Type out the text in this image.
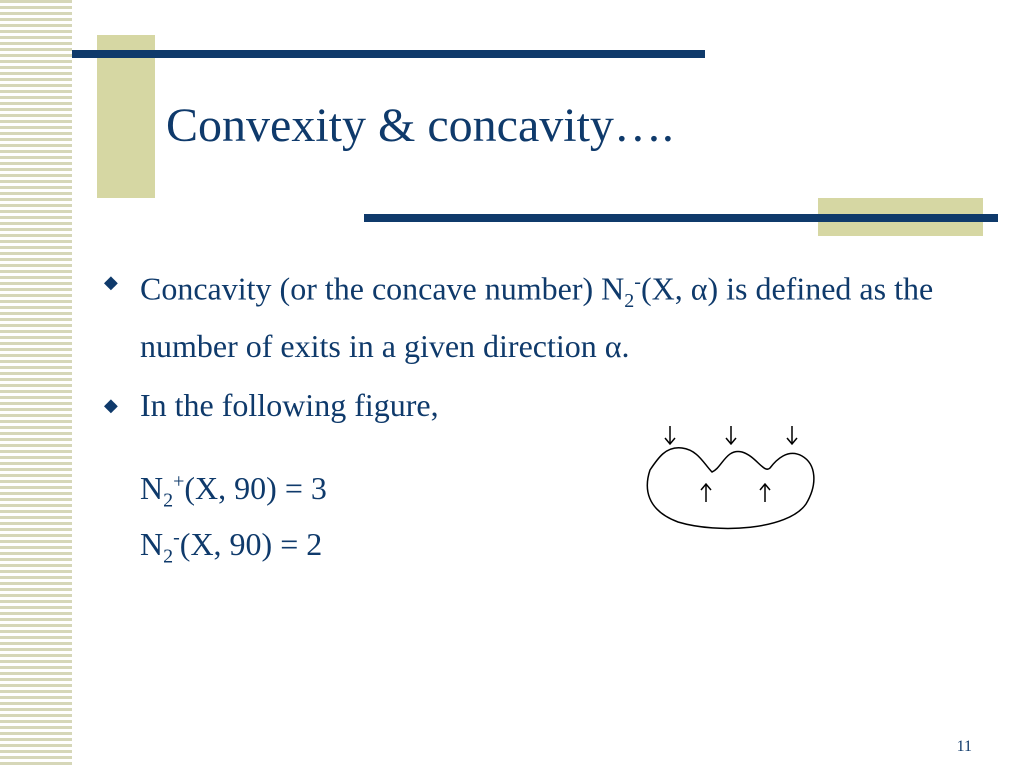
Convexity & concavity….
◆ Concavity (or the concave number) $N_2^-(X$, α) is defined as the number of exits in a given direction α.
◆ In the following figure,
$N_2^+(X$, 90) = 3
$N_2^-(X$, 90) = 2
11
